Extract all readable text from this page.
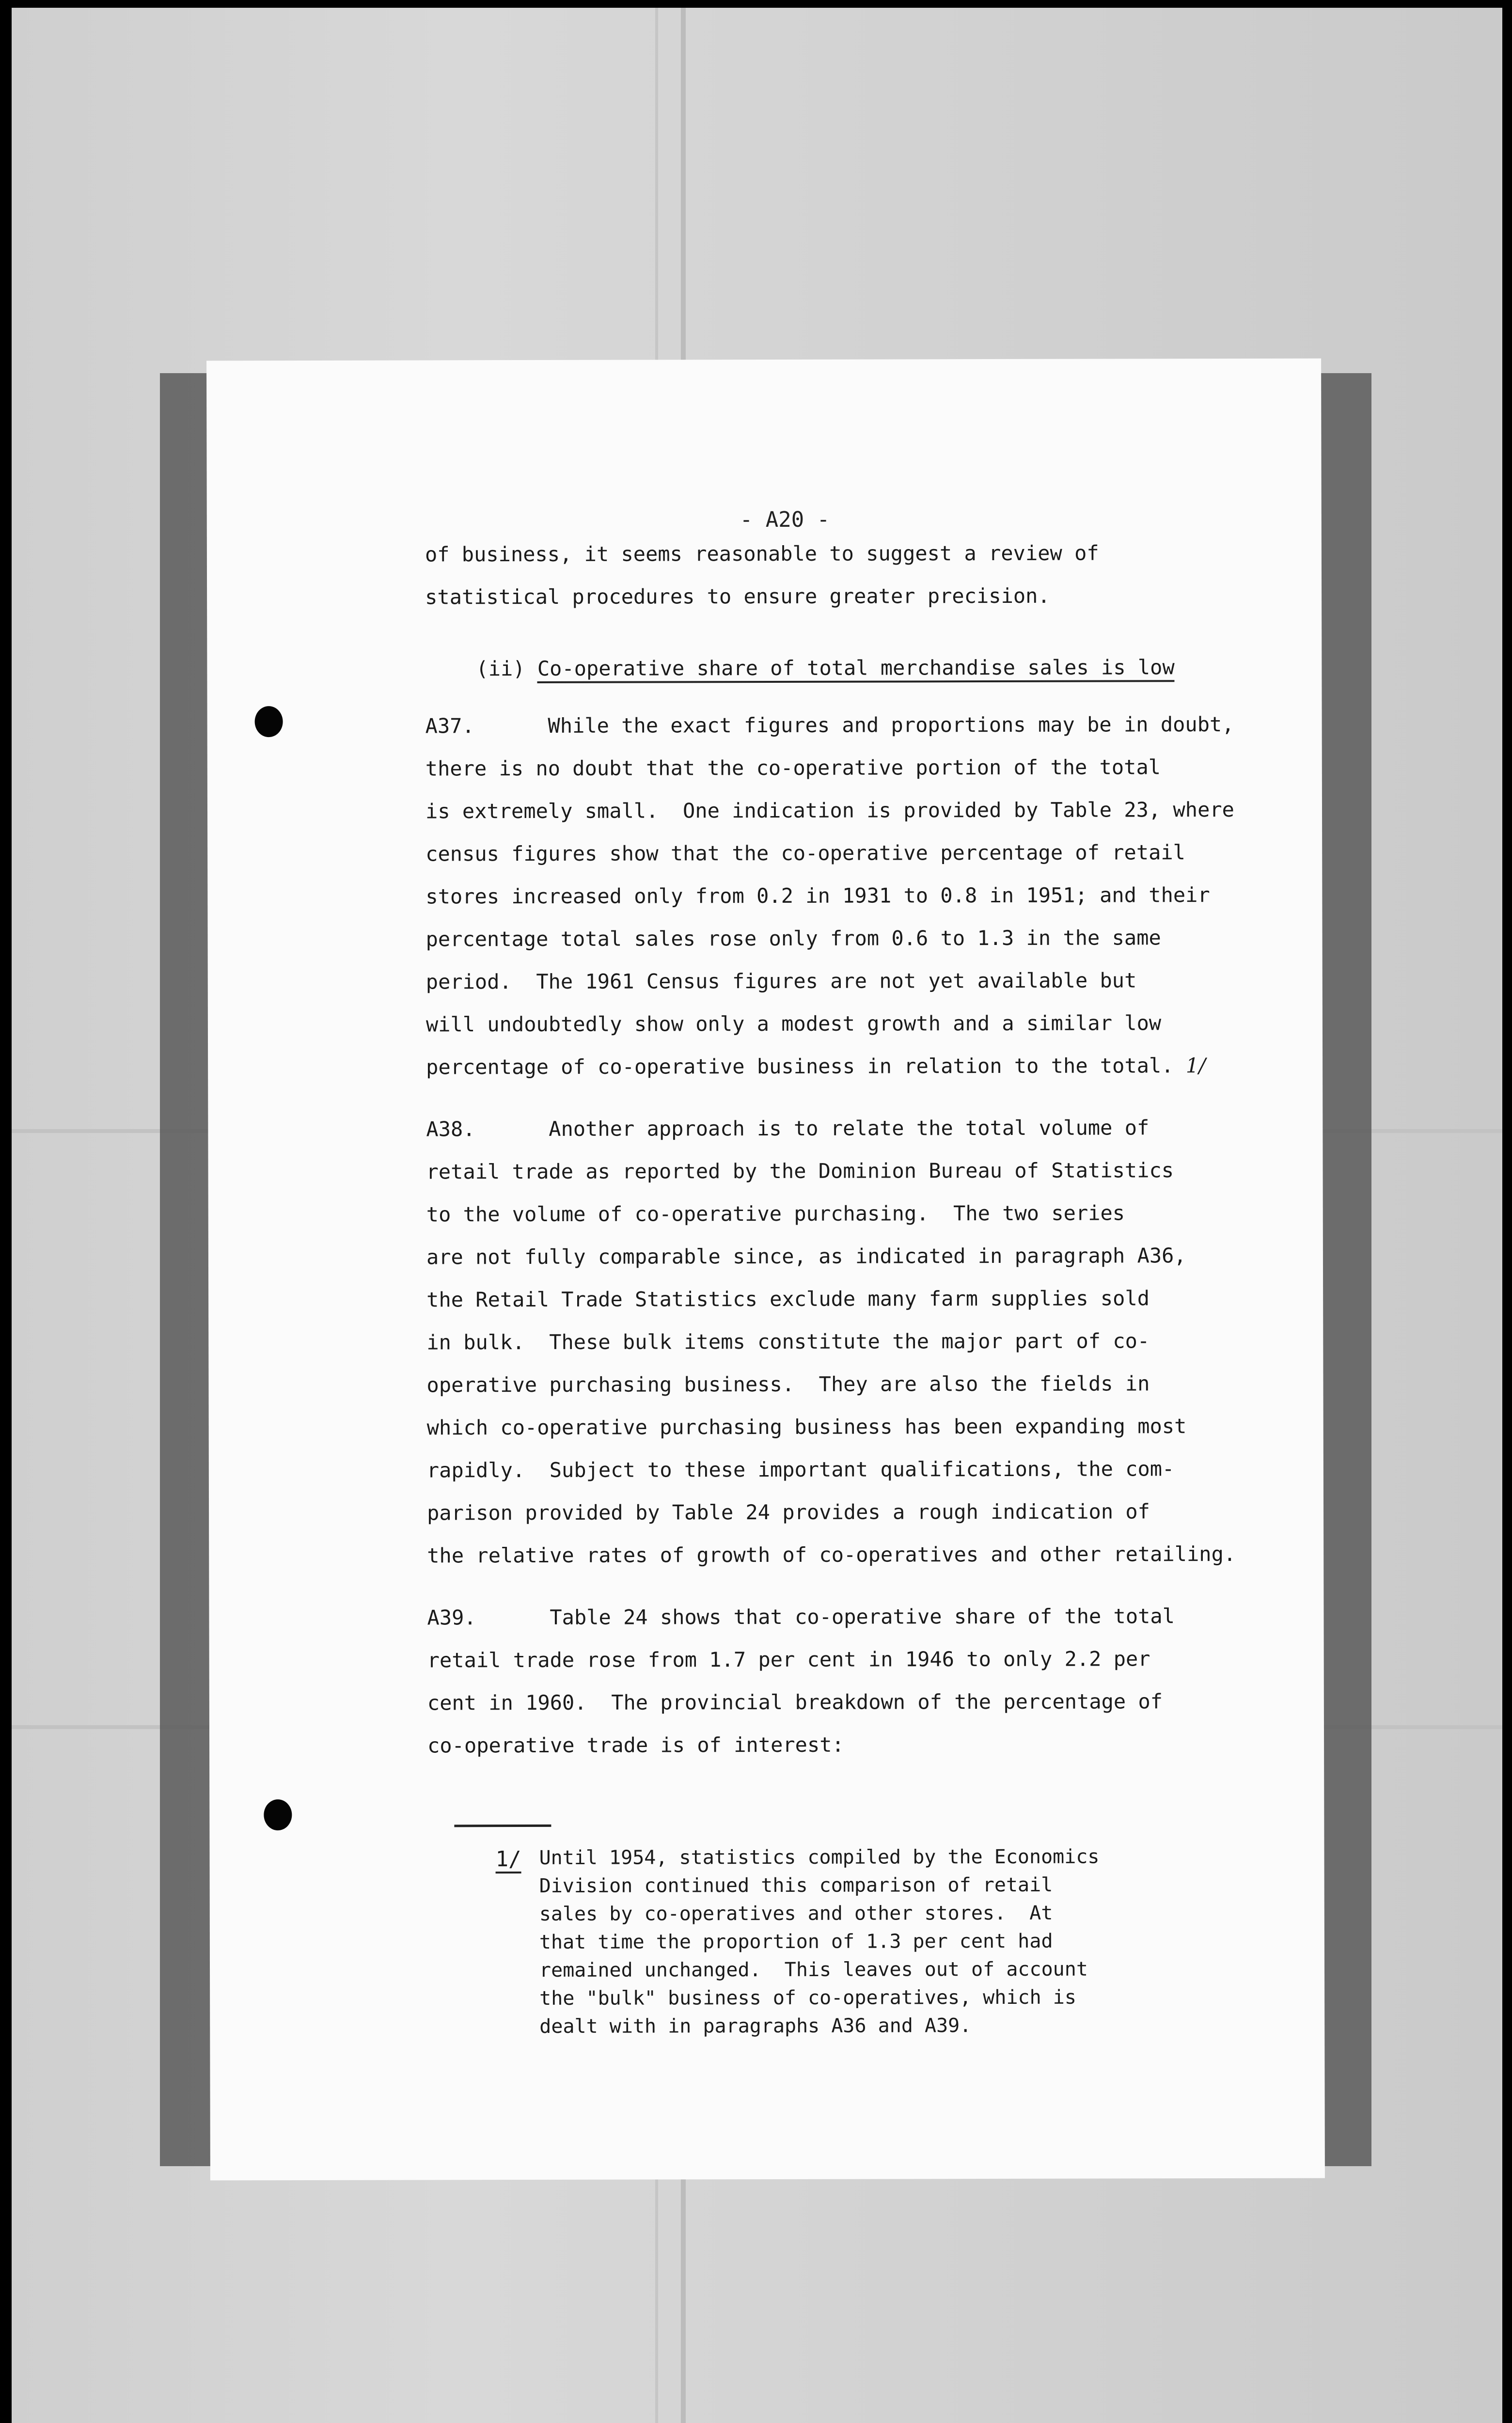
- A20 -
of business, it seems reasonable to suggest a review of
statistical procedures to ensure greater precision.
(ii) Co-operative share of total merchandise sales is low
A37.      While the exact figures and proportions may be in doubt,
there is no doubt that the co-operative portion of the total
is extremely small.  One indication is provided by Table 23, where
census figures show that the co-operative percentage of retail
stores increased only from 0.2 in 1931 to 0.8 in 1951; and their
percentage total sales rose only from 0.6 to 1.3 in the same
period.  The 1961 Census figures are not yet available but
will undoubtedly show only a modest growth and a similar low
percentage of co-operative business in relation to the total. 1/
A38.      Another approach is to relate the total volume of
retail trade as reported by the Dominion Bureau of Statistics
to the volume of co-operative purchasing.  The two series
are not fully comparable since, as indicated in paragraph A36,
the Retail Trade Statistics exclude many farm supplies sold
in bulk.  These bulk items constitute the major part of co-
operative purchasing business.  They are also the fields in
which co-operative purchasing business has been expanding most
rapidly.  Subject to these important qualifications, the com-
parison provided by Table 24 provides a rough indication of
the relative rates of growth of co-operatives and other retailing.
A39.      Table 24 shows that co-operative share of the total
retail trade rose from 1.7 per cent in 1946 to only 2.2 per
cent in 1960.  The provincial breakdown of the percentage of
co-operative trade is of interest:
1/ Until 1954, statistics compiled by the Economics
Division continued this comparison of retail
sales by co-operatives and other stores.  At
that time the proportion of 1.3 per cent had
remained unchanged.  This leaves out of account
the "bulk" business of co-operatives, which is
dealt with in paragraphs A36 and A39.
